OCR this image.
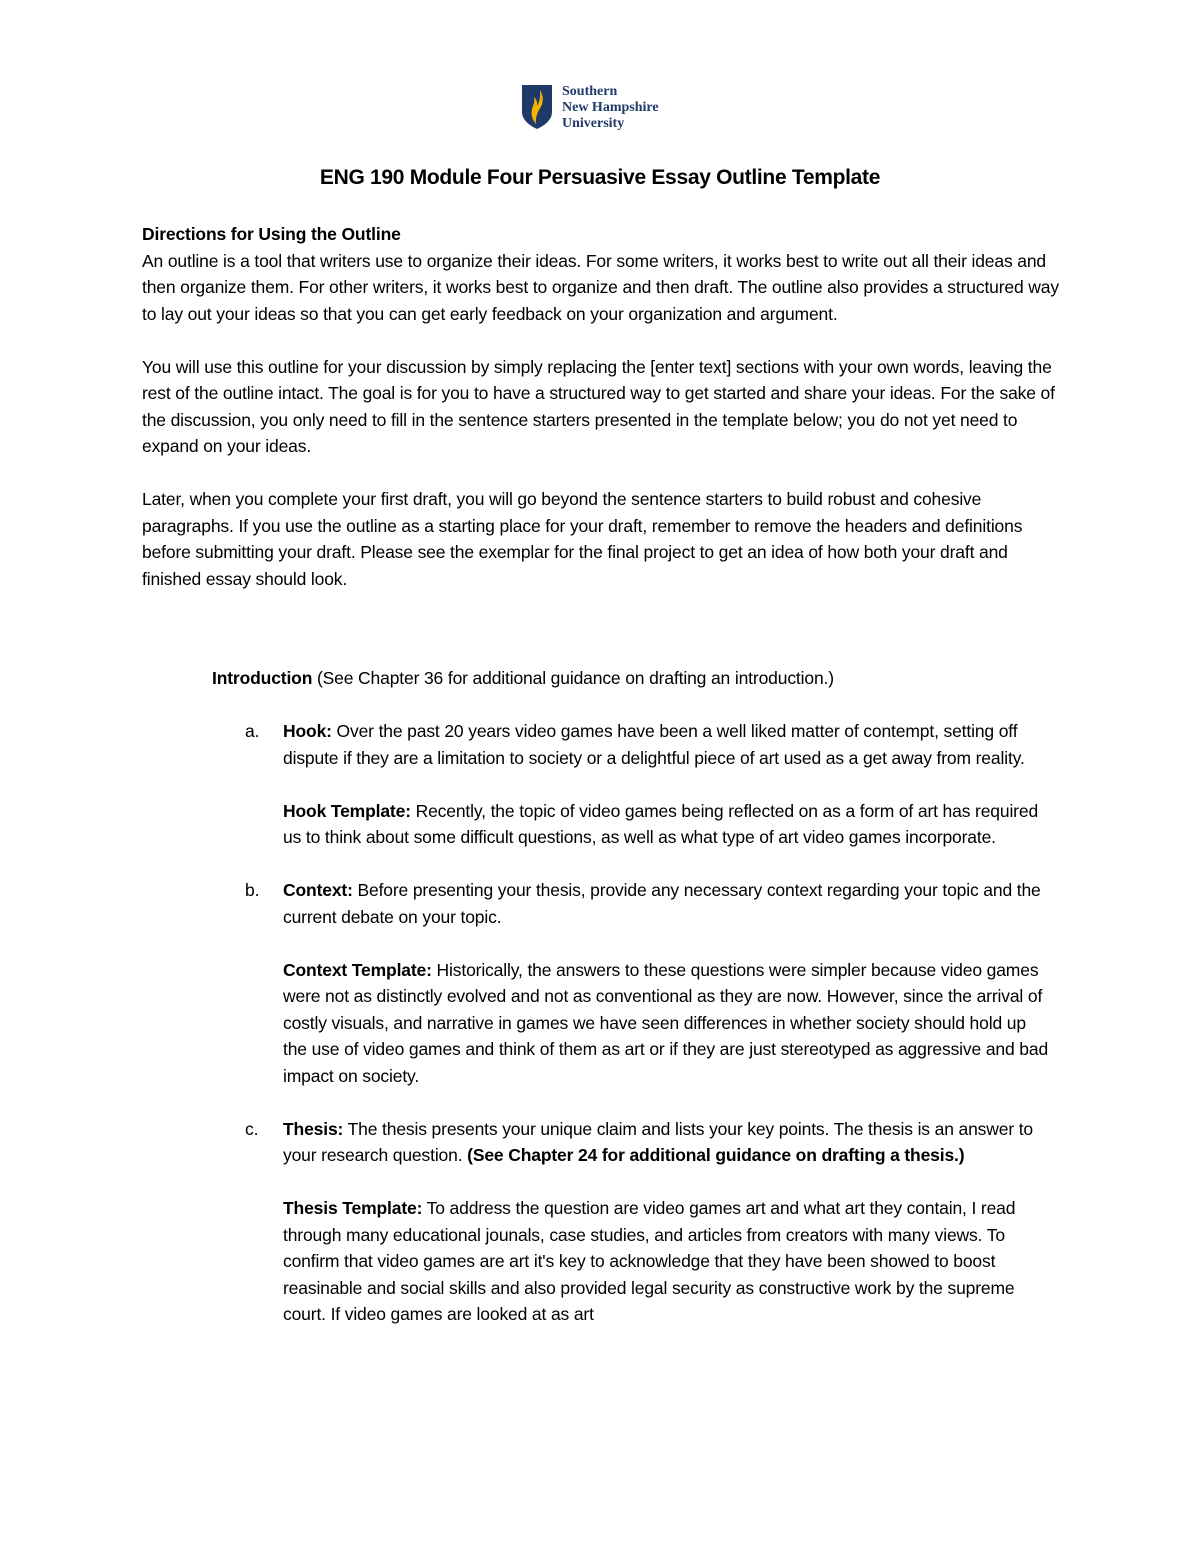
Southern
New Hampshire
University
ENG 190 Module Four Persuasive Essay Outline Template

Directions for Using the Outline

An outline is a tool that writers use to organize their ideas. For some writers, it works best to write out all their ideas and then organize them. For other writers, it works best to organize and then draft. The outline also provides a structured way to lay out your ideas so that you can get early feedback on your organization and argument.

You will use this outline for your discussion by simply replacing the [enter text] sections with your own words, leaving the rest of the outline intact. The goal is for you to have a structured way to get started and share your ideas. For the sake of the discussion, you only need to fill in the sentence starters presented in the template below; you do not yet need to expand on your ideas.

Later, when you complete your first draft, you will go beyond the sentence starters to build robust and cohesive paragraphs. If you use the outline as a starting place for your draft, remember to remove the headers and definitions before submitting your draft. Please see the exemplar for the final project to get an idea of how both your draft and finished essay should look.

Introduction (See Chapter 36 for additional guidance on drafting an introduction.)

a.	Hook: Over the past 20 years video games have been a well liked matter of contempt, setting off dispute if they are a limitation to society or a delightful piece of art used as a get away from reality.

Hook Template: Recently, the topic of video games being reflected on as a form of art has required us to think about some difficult questions, as well as what type of art video games incorporate.

b.	Context: Before presenting your thesis, provide any necessary context regarding your topic and the current debate on your topic.

Context Template: Historically, the answers to these questions were simpler because video games were not as distinctly evolved and not as conventional as they are now. However, since the arrival of costly visuals, and narrative in games we have seen differences in whether society should hold up the use of video games and think of them as art or if they are just stereotyped as aggressive and bad impact on society.

c.	Thesis: The thesis presents your unique claim and lists your key points. The thesis is an answer to your research question. (See Chapter 24 for additional guidance on drafting a thesis.)

Thesis Template: To address the question are video games art and what art they contain, I read through many educational jounals, case studies, and articles from creators with many views. To confirm that video games are art it's key to acknowledge that they have been showed to boost reasinable and social skills and also provided legal security as constructive work by the supreme court. If video games are looked at as art
